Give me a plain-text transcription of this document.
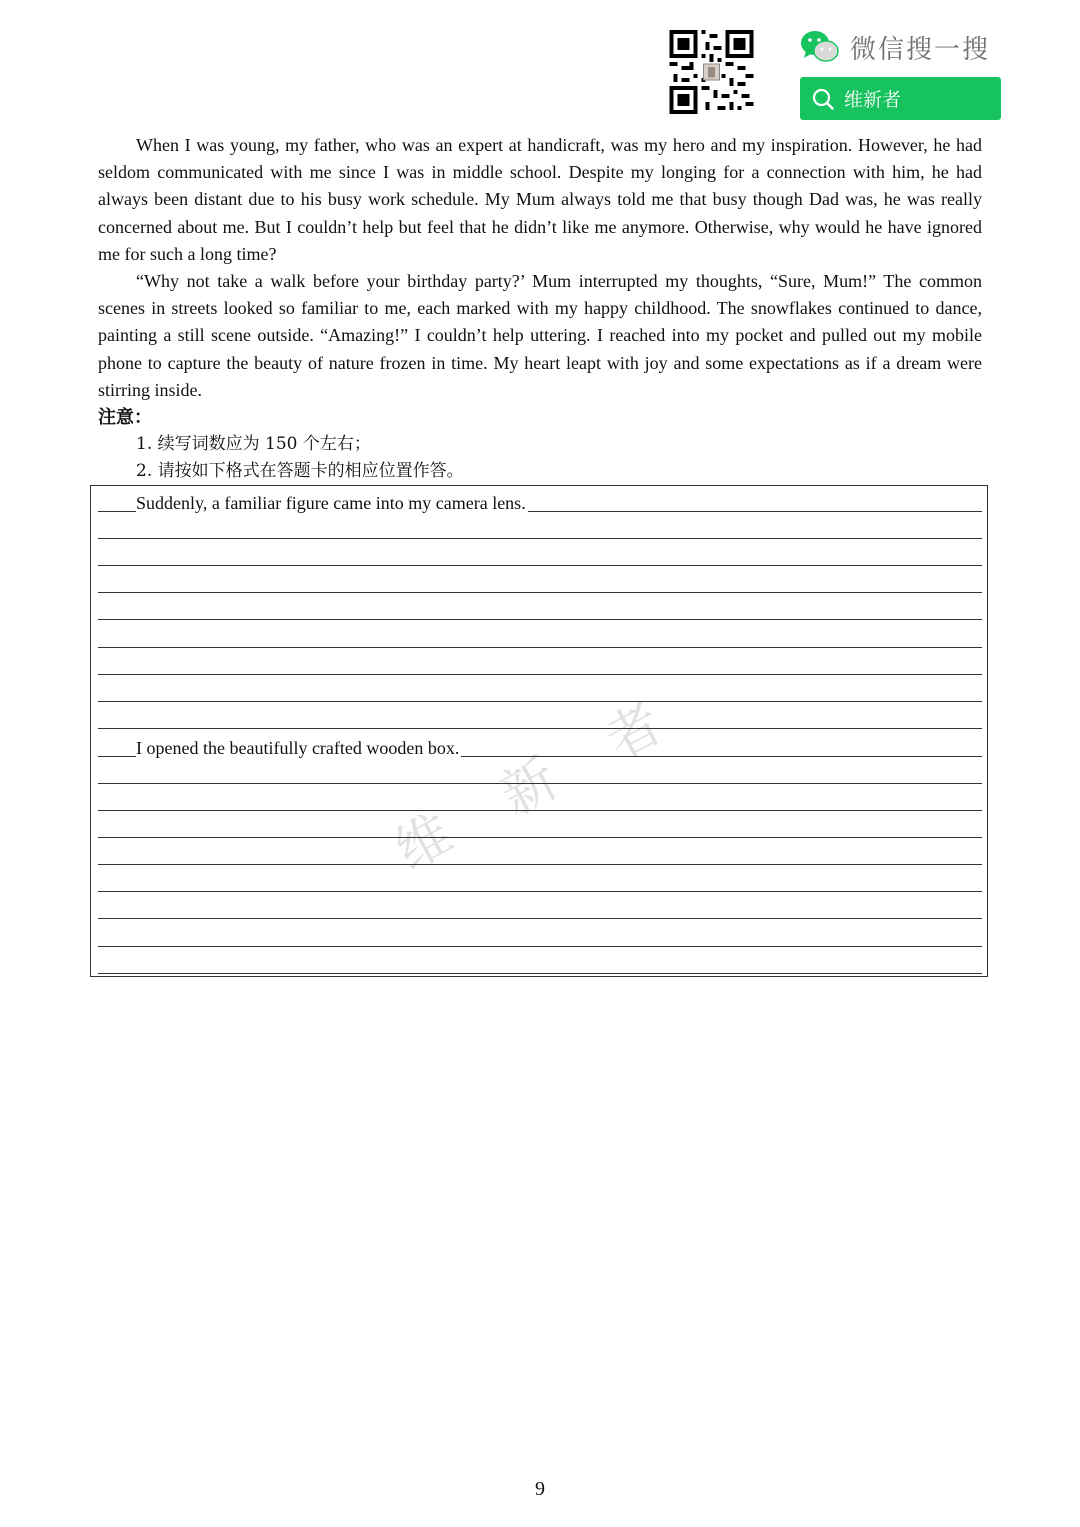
微信搜一搜
维新者

When I was young, my father, who was an expert at handicraft, was my hero and my inspiration. However, he had seldom communicated with me since I was in middle school. Despite my longing for a connection with him, he had always been distant due to his busy work schedule. My Mum always told me that busy though Dad was, he was really concerned about me. But I couldn’t help but feel that he didn’t like me anymore. Otherwise, why would he have ignored me for such a long time?

“Why not take a walk before your birthday party?’ Mum interrupted my thoughts, “Sure, Mum!” The common scenes in streets looked so familiar to me, each marked with my happy childhood. The snowflakes continued to dance, painting a still scene outside. “Amazing!” I couldn’t help uttering. I reached into my pocket and pulled out my mobile phone to capture the beauty of nature frozen in time. My heart leapt with joy and some expectations as if a dream were stirring inside.

注意：
1. 续写词数应为 150 个左右；
2. 请按如下格式在答题卡的相应位置作答。
维
新
者
Suddenly, a familiar figure came into my camera lens.
I opened the beautifully crafted wooden box.
9
